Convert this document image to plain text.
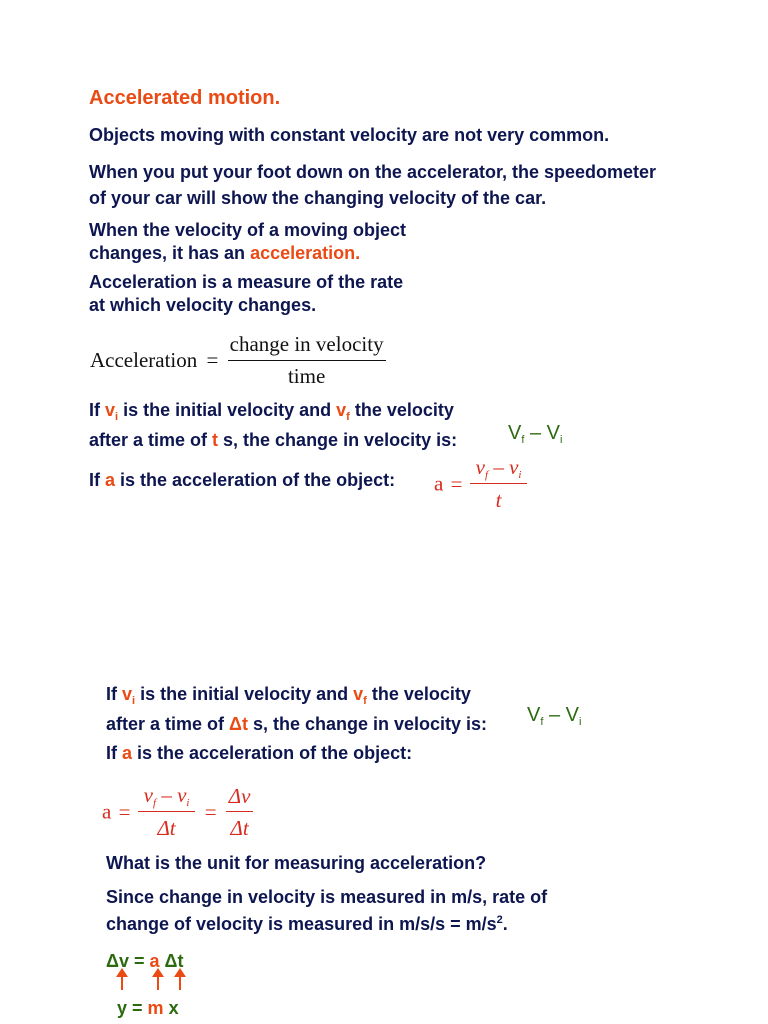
Accelerated motion.
Objects moving with constant velocity are not very common.
When you put your foot down on the accelerator, the speedometer
of your car will show the changing velocity of the car.
When the velocity of a moving object
changes, it has an acceleration.
Acceleration is a measure of the rate
at which velocity changes.
Acceleration = $\frac{\text{change in velocity}}{\text{time}}$
If $v_i$ is the initial velocity and $v_f$ the velocity
after a time of t s, the change in velocity is:	$V_f - V_i$
If a is the acceleration of the object: $a = \frac{v_f - v_i}{t}$
If $v_i$ is the initial velocity and $v_f$ the velocity
after a time of Δt s, the change in velocity is: $V_f - V_i$
If a is the acceleration of the object:
$a = \frac{v_f - v_i}{\Delta t} = \frac{\Delta v}{\Delta t}$
What is the unit for measuring acceleration?
Since change in velocity is measured in m/s, rate of
change of velocity is measured in $m/s/s = m/s^2$.
Δv = a Δt
y = m x
